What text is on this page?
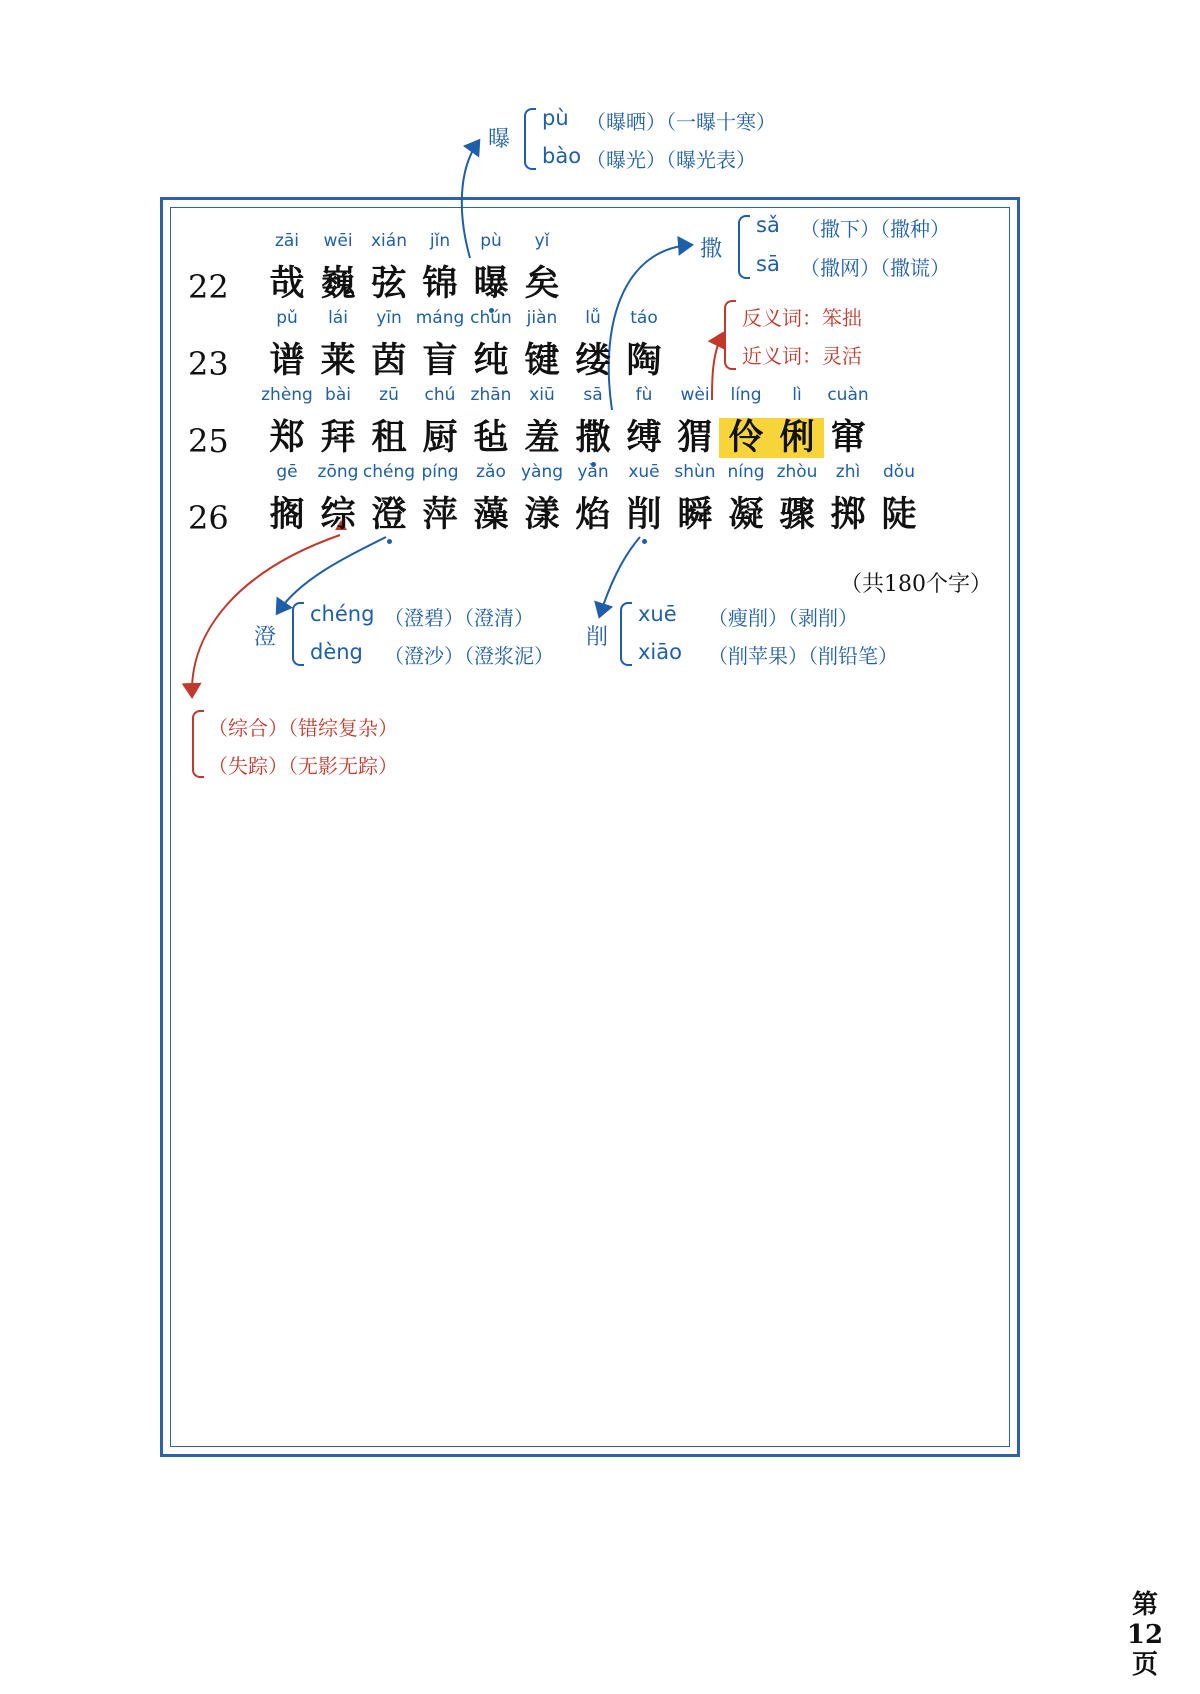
22
zāi
哉
wēi
巍
xián
弦
jǐn
锦
pù
曝
yǐ
矣
23
pǔ
谱
lái
莱
yīn
茵
máng
盲
chún
纯
jiàn
键
lǚ
缕
táo
陶
25
zhèng
郑
bài
拜
zū
租
chú
厨
zhān
毡
xiū
羞
sā
撒
fù
缚
wèi
猬
líng
伶
lì
俐
cuàn
窜
26
gē
搁
zōng
综
chéng
澄
píng
萍
zǎo
藻
yàng
漾
yàn
焰
xuē
削
shùn
瞬
níng
凝
zhòu
骤
zhì
掷
dǒu
陡
曝
pù （曝晒）（一曝十寒）
bào （曝光）（曝光表）
撒
sǎ （撒下）（撒种）
sā （撒网）（撒谎）
反义词：笨拙
近义词：灵活
（共180个字）
澄
chéng （澄碧）（澄清）
dèng （澄沙）（澄浆泥）
削
xuē （瘦削）（剥削）
xiāo （削苹果）（削铅笔）
（综合）（错综复杂）
（失踪）（无影无踪）
第
12
页
